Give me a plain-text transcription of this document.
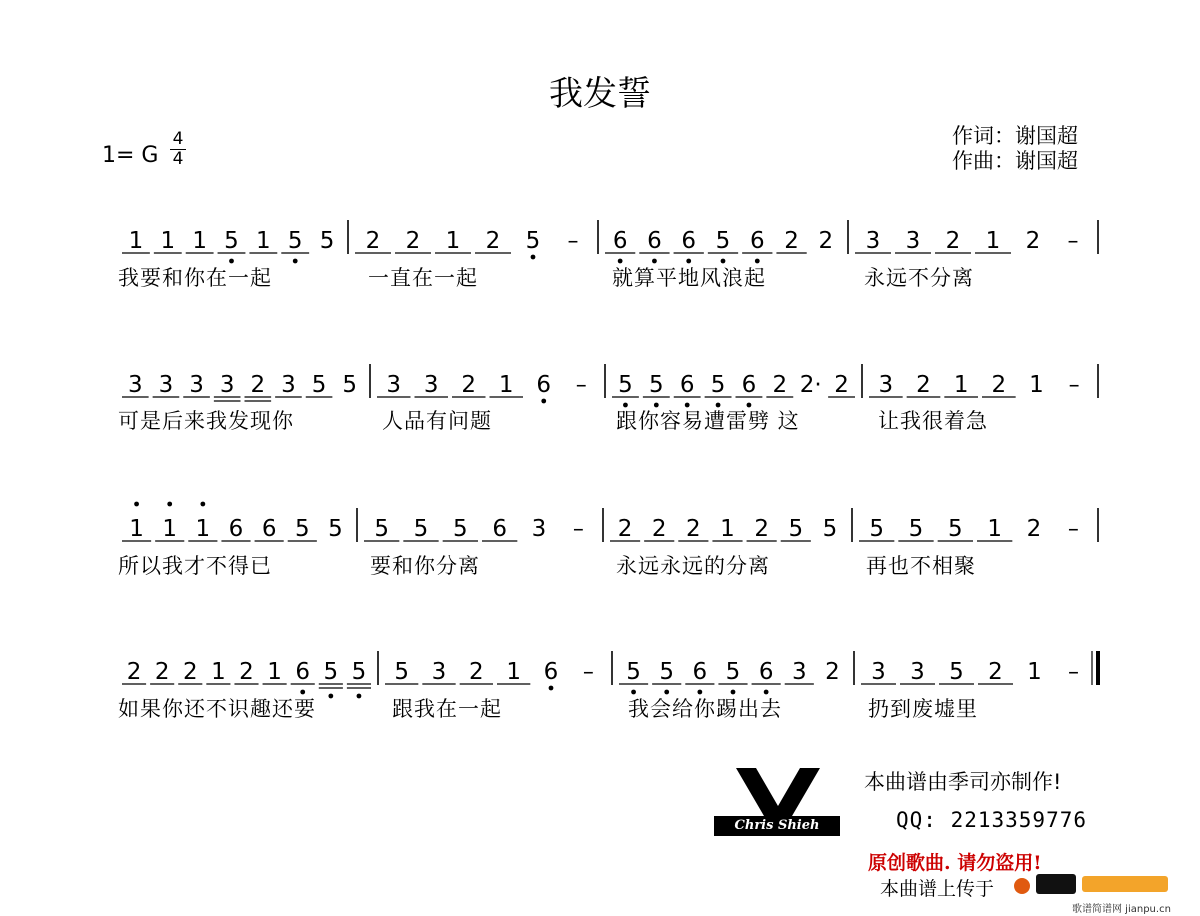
我发誓
1= G
4
4
作词：谢国超
作曲：谢国超
1 1 1 5 1 5 5 2 2 1 2 5 – 6 6 6 5 6 2 2 3 3 2 1 2 –
3 3 3 3 2 3 5 5 3 3 2 1 6 – 5 5 6 5 6 2 2· 2 3 2 1 2 1 –
1 1 1 6 6 5 5 5 5 5 6 3 – 2 2 2 1 2 5 5 5 5 5 1 2 –
2 2 2 1 2 1 6 5 5 5 3 2 1 6 – 5 5 6 5 6 3 2 3 3 5 2 1 –
我要和你在一起	一直在一起	就算平地风浪起	永远不分离
可是后来我发现你	人品有问题	跟你容易遭雷劈 这	让我很着急
所以我才不得已	要和你分离	永远永远的分离	再也不相聚
如果你还不识趣还要	跟我在一起	我会给你踢出去	扔到废墟里
Chris Shieh
本曲谱由季司亦制作!
QQ: 2213359776
原创歌曲. 请勿盗用!
本曲谱上传于
歌谱简谱网 jianpu.cn
